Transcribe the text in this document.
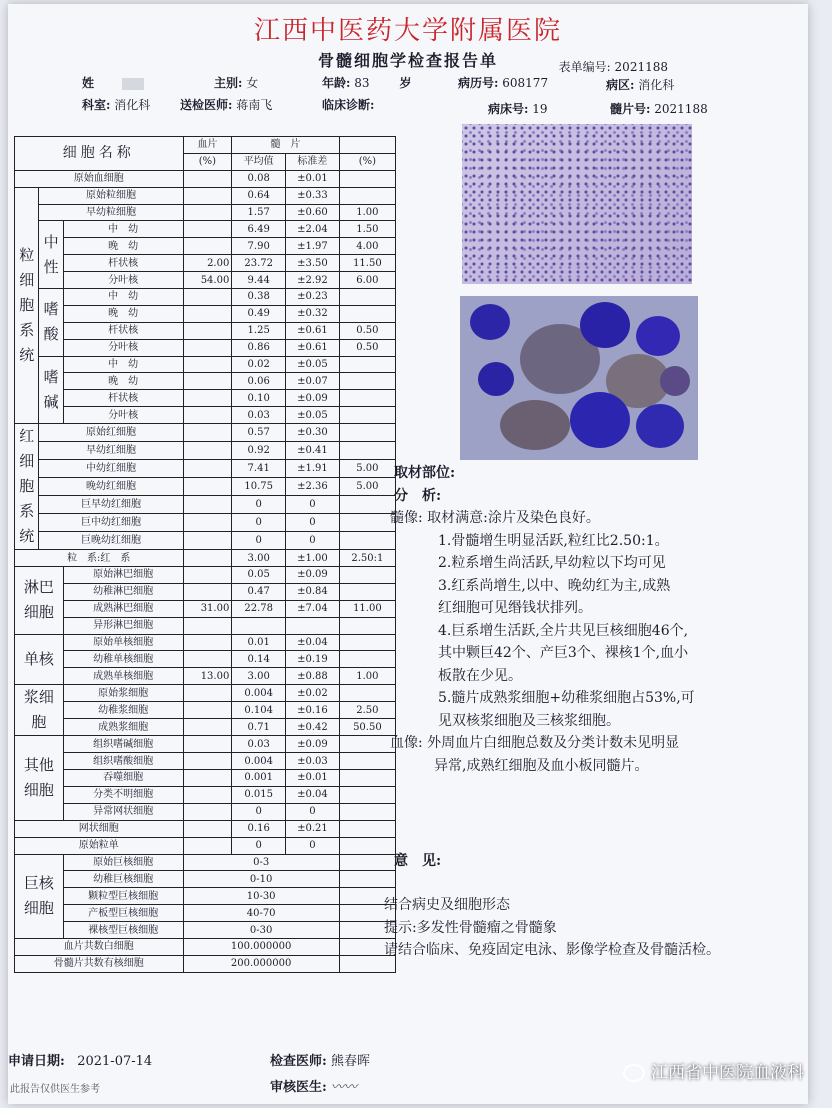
江西中医药大学附属医院
骨髓细胞学检查报告单	表单编号: 2021188
姓	主别: 女	年龄: 83	岁	病历号: 608177	病区: 消化科
科室: 消化科 送检医师: 蒋南飞	临床诊断:	病床号: 19	髓片号: 2021188
细胞名称			血片	髓　片		
			(%)	平均值	标准差	(%)
原始血细胞				0.08	±0.01	
粒细胞系统	原始粒细胞			0.64	±0.33	
	早幼粒细胞			1.57	±0.60	1.00
	中性	中　幼		6.49	±2.04	1.50
		晚　幼		7.90	±1.97	4.00
		杆状核	2.00	23.72	±3.50	11.50
		分叶核	54.00	9.44	±2.92	6.00
	嗜酸	中　幼		0.38	±0.23	
		晚　幼		0.49	±0.32	
		杆状核		1.25	±0.61	0.50
		分叶核		0.86	±0.61	0.50
	嗜碱	中　幼		0.02	±0.05	
		晚　幼		0.06	±0.07	
		杆状核		0.10	±0.09	
		分叶核		0.03	±0.05	
红细胞系统	原始红细胞			0.57	±0.30	
	早幼红细胞			0.92	±0.41	
	中幼红细胞			7.41	±1.91	5.00
	晚幼红细胞			10.75	±2.36	5.00
	巨早幼红细胞			0	0	
	巨中幼红细胞			0	0	
	巨晚幼红细胞			0	0	
粒　系:红　系				3.00	±1.00	2.50:1
淋巴细胞		原始淋巴细胞		0.05	±0.09	
		幼稚淋巴细胞		0.47	±0.84	
		成熟淋巴细胞	31.00	22.78	±7.04	11.00
		异形淋巴细胞				
单核		原始单核细胞		0.01	±0.04	
		幼稚单核细胞		0.14	±0.19	
		成熟单核细胞	13.00	3.00	±0.88	1.00
浆细胞		原始浆细胞		0.004	±0.02	
		幼稚浆细胞		0.104	±0.16	2.50
		成熟浆细胞		0.71	±0.42	50.50
其他细胞		组织嗜碱细胞		0.03	±0.09	
		组织嗜酸细胞		0.004	±0.03	
		吞噬细胞		0.001	±0.01	
		分类不明细胞		0.015	±0.04	
		异常网状细胞		0	0	
网状细胞				0.16	±0.21	
原始粒单				0	0	
巨核细胞		原始巨核细胞	0-3			
		幼稚巨核细胞	0-10			
		颗粒型巨核细胞	10-30			
		产板型巨核细胞	40-70			
		裸核型巨核细胞	0-30			
血片共数白细胞			100.000000			
骨髓片共数有核细胞			200.000000			
取材部位:
分　析:
髓像: 取材满意:涂片及染色良好。
1.骨髓增生明显活跃,粒红比2.50:1。
2.粒系增生尚活跃,早幼粒以下均可见
3.红系尚增生,以中、晚幼红为主,成熟
红细胞可见缗钱状排列。
4.巨系增生活跃,全片共见巨核细胞46个,
其中颗巨42个、产巨3个、裸核1个,血小
板散在少见。
5.髓片成熟浆细胞+幼稚浆细胞占53%,可
见双核浆细胞及三核浆细胞。
血像: 外周血片白细胞总数及分类计数未见明显
异常,成熟红细胞及血小板同髓片。
意　见:
结合病史及细胞形态
提示:多发性骨髓瘤之骨髓象
请结合临床、免疫固定电泳、影像学检查及骨髓活检。
申请日期: 2021-07-14	检查医师: 熊春晖
审核医生: 〰〰
此报告仅供医生参考
江西省中医院血液科
